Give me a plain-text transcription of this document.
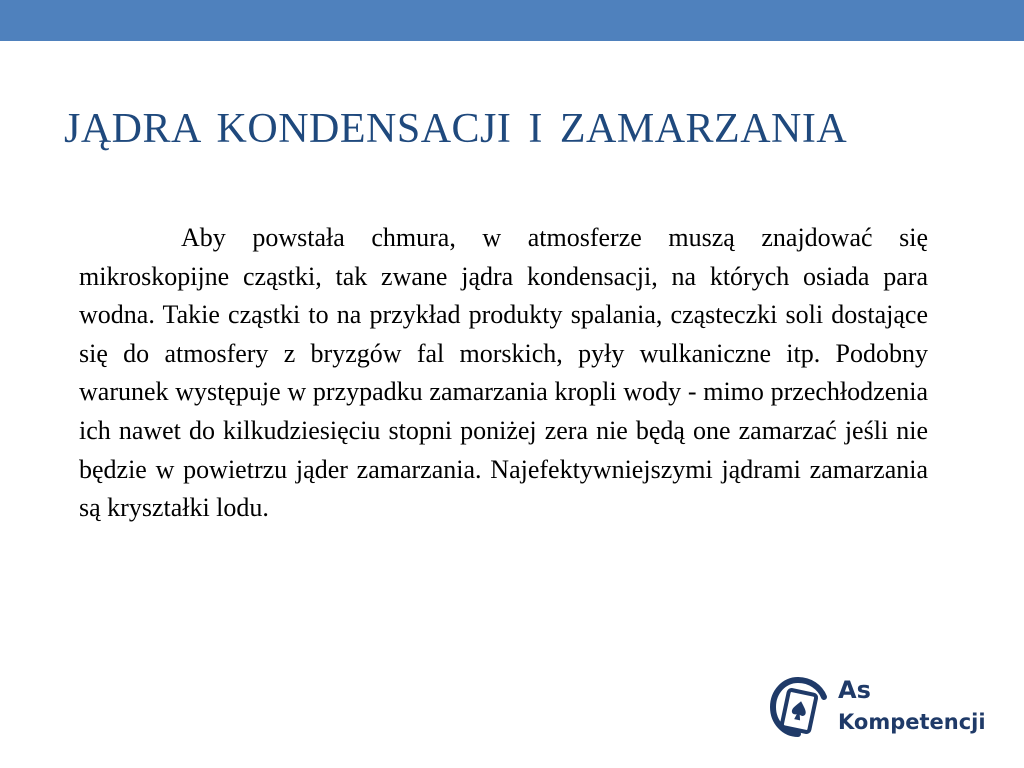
JĄDRA KONDENSACJI I ZAMARZANIA

Aby powstała chmura, w atmosferze muszą znajdować się mikroskopijne cząstki, tak zwane jądra kondensacji, na których osiada para wodna. Takie cząstki to na przykład produkty spalania, cząsteczki soli dostające się do atmosfery z bryzgów fal morskich, pyły wulkaniczne itp. Podobny warunek występuje w przypadku zamarzania kropli wody - mimo przechłodzenia ich nawet do kilkudziesięciu stopni poniżej zera nie będą one zamarzać jeśli nie będzie w powietrzu jąder zamarzania. Najefektywniejszymi jądrami zamarzania są kryształki lodu.

As
Kompetencji
